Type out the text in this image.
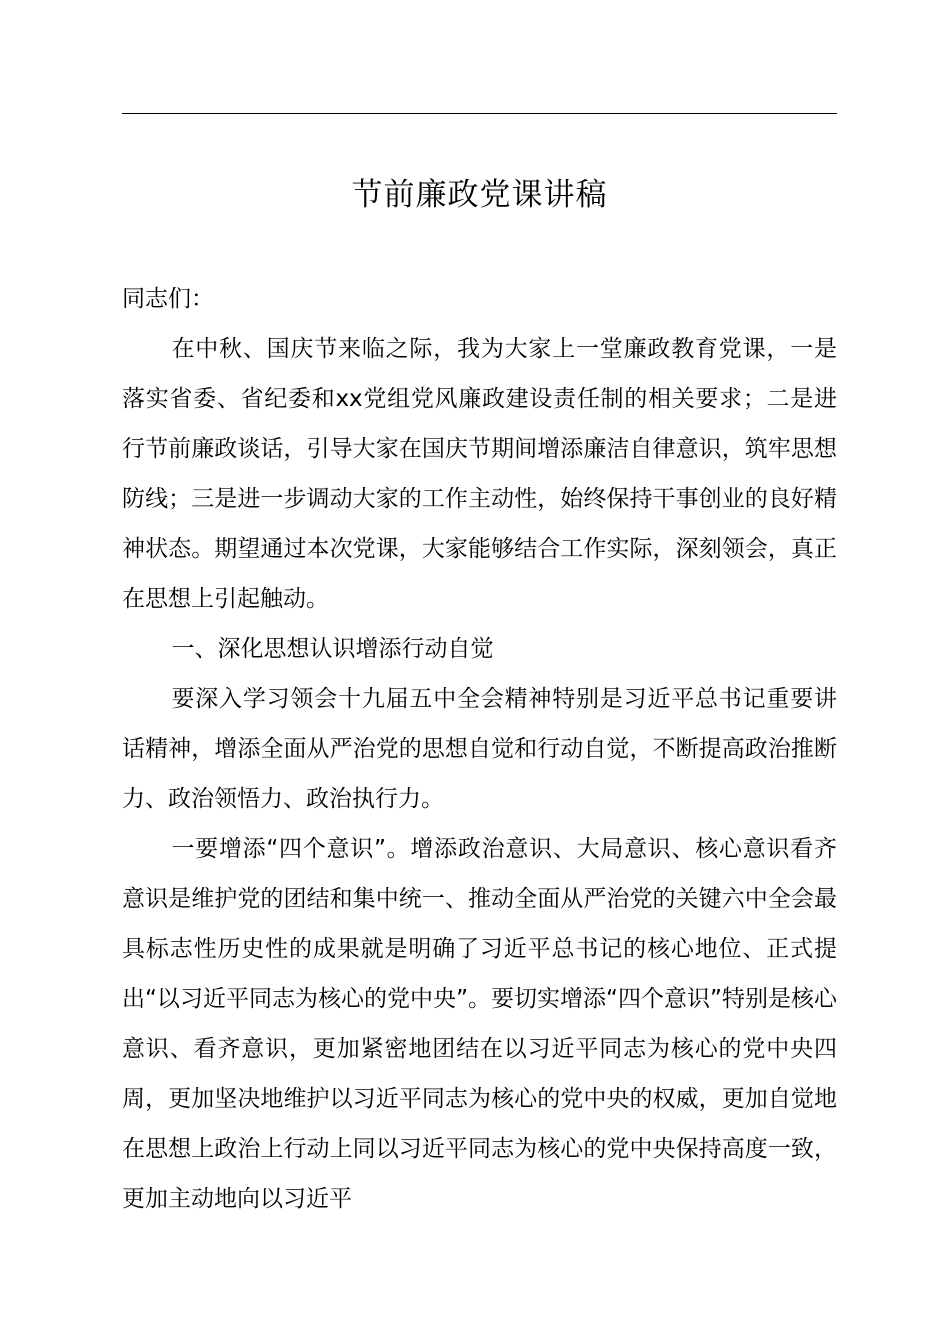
节前廉政党课讲稿

同志们：

在中秋、国庆节来临之际，我为大家上一堂廉政教育党课，一是落实省委、省纪委和xx党组党风廉政建设责任制的相关要求；二是进行节前廉政谈话，引导大家在国庆节期间增添廉洁自律意识，筑牢思想防线；三是进一步调动大家的工作主动性，始终保持干事创业的良好精神状态。期望通过本次党课，大家能够结合工作实际，深刻领会，真正在思想上引起触动。

一、深化思想认识增添行动自觉

要深入学习领会十九届五中全会精神特别是习近平总书记重要讲话精神，增添全面从严治党的思想自觉和行动自觉，不断提高政治推断力、政治领悟力、政治执行力。

一要增添“四个意识”。增添政治意识、大局意识、核心意识看齐意识是维护党的团结和集中统一、推动全面从严治党的关键六中全会最具标志性历史性的成果就是明确了习近平总书记的核心地位、正式提出“以习近平同志为核心的党中央”。要切实增添“四个意识”特别是核心意识、看齐意识，更加紧密地团结在以习近平同志为核心的党中央四周，更加坚决地维护以习近平同志为核心的党中央的权威，更加自觉地在思想上政治上行动上同以习近平同志为核心的党中央保持高度一致，更加主动地向以习近平
